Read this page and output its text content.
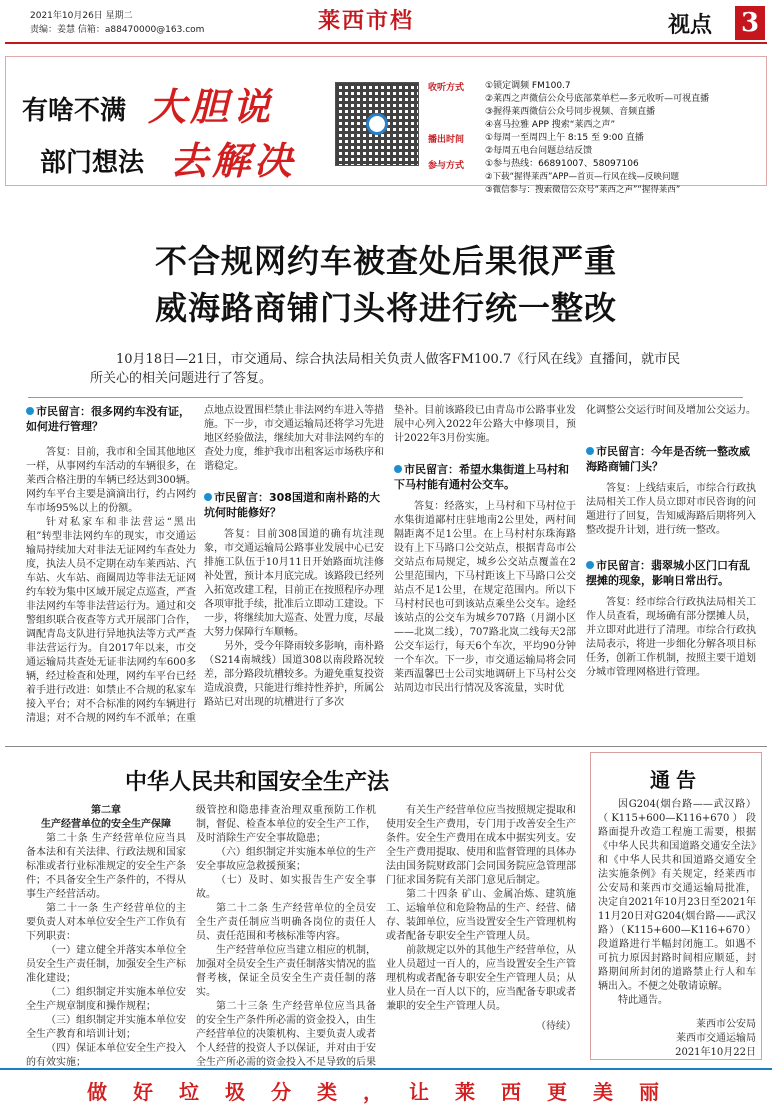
2021年10月26日 星期二
责编：姜慧 信箱：a88470000@163.com	莱西市档	视点 3
有啥不满 大胆说
部门想法 去解决
收听方式 ①锁定调频 FM100.7
②莱西之声微信公众号底部菜单栏—多元收听—可视直播
③握得莱西微信公众号同步视频、音频直播
④喜马拉雅 APP 搜索“莱西之声”
播出时间 ①每周一至周四上午 8:15 至 9:00 直播
②每周五电台问题总结反馈
参与方式 ①参与热线：66891007、58097106
②下载“握得莱西”APP—首页—行风在线—反映问题
③微信参与：搜索微信公众号“莱西之声”“握得莱西”
不合规网约车被查处后果很严重
威海路商铺门头将进行统一整改
10月18日—21日，市交通局、综合执法局相关负责人做客FM100.7《行风在线》直播间，就市民所关心的相关问题进行了答复。
市民留言：很多网约车没有证，如何进行管理？
答复：目前，我市和全国其他地区一样，从事网约车活动的车辆很多，在莱西合格注册的车辆已经达到300辆。网约车平台主要是滴滴出行，约占网约车市场95%以上的份额。
针对私家车和非法营运“黑出租”转型非法网约车的现实，市交通运输局持续加大对非法无证网约车查处力度，执法人员不定期在动车莱西站、汽车站、火车站、商圈周边等非法无证网约车较为集中区域开展定点巡查，严查非法网约车等非法营运行为。通过和交警组织联合夜查等方式开展部门合作，调配青岛支队进行异地执法等方式严查非法营运行为。自2017年以来，市交通运输局共查处无证非法网约车600多辆，经过检查和处理，网约车平台已经着手进行改进：如禁止不合规的私家车接入平台；对不合标准的网约车辆进行清退；对不合规的网约车不派单；在重
点地点设置围栏禁止非法网约车进入等措施。下一步，市交通运输局还将学习先进地区经验做法，继续加大对非法网约车的查处力度，维护我市出租客运市场秩序和谐稳定。
市民留言：308国道和南朴路的大坑何时能修好？
答复：目前308国道的确有坑洼现象，市交通运输局公路事业发展中心已安排施工队伍于10月11日开始路面坑洼修补处置，预计本月底完成。该路段已经列入拓宽改建工程，目前正在按照程序办理各项审批手续，批准后立即动工建设。下一步，将继续加大巡查、处置力度，尽最大努力保障行车顺畅。
另外，受今年降雨较多影响，南朴路（S214南城线）国道308以南段路况较差，部分路段坑槽较多。为避免重复投资造成浪费，只能进行维持性养护，所属公路站已对出现的坑槽进行了多次
垫补。目前该路段已由青岛市公路事业发展中心列入2022年公路大中修项目，预计2022年3月份实施。
市民留言：希望水集街道上马村和下马村能有通村公交车。
答复：经落实，上马村和下马村位于水集街道鄙村庄驻地南2公里处，两村间隔距离不足1公里。在上马村村东珠海路设有上下马路口公交站点，根据青岛市公交站点布局规定，城乡公交站点覆盖在2公里范围内，下马村距该上下马路口公交站点不足1公里，在规定范围内。所以下马村村民也可到该站点乘坐公交车。途经该站点的公交车为城乡707路（月湖小区——北岚二线），707路北岚二线每天2部公交车运行，每天6个车次，平均90分钟一个车次。下一步，市交通运输局将会同莱西温馨巴士公司实地调研上下马村公交站周边市民出行情况及客流量，实时优
化调整公交运行时间及增加公交运力。
市民留言：今年是否统一整改威海路商铺门头？
答复：上线结束后，市综合行政执法局相关工作人员立即对市民咨询的问题进行了回复，告知威海路后期将列入整改提升计划，进行统一整改。
市民留言：翡翠城小区门口有乱摆摊的现象，影响日常出行。
答复：经市综合行政执法局相关工作人员查看，现场确有部分摆摊人员，并立即对此进行了清理。市综合行政执法局表示，将进一步细化分解各项目标任务，创新工作机制，按照主要干道划分城市管理网格进行管理。
中华人民共和国安全生产法
第二章
生产经营单位的安全生产保障
第二十条 生产经营单位应当具备本法和有关法律、行政法规和国家标准或者行业标准规定的安全生产条件；不具备安全生产条件的，不得从事生产经营活动。
第二十一条 生产经营单位的主要负责人对本单位安全生产工作负有下列职责：
（一）建立健全并落实本单位全员安全生产责任制，加强安全生产标准化建设；
（二）组织制定并实施本单位安全生产规章制度和操作规程；
（三）组织制定并实施本单位安全生产教育和培训计划；
（四）保证本单位安全生产投入的有效实施；
级管控和隐患排查治理双重预防工作机制，督促、检查本单位的安全生产工作，及时消除生产安全事故隐患；
（六）组织制定并实施本单位的生产安全事故应急救援预案；
（七）及时、如实报告生产安全事故。
第二十二条 生产经营单位的全员安全生产责任制应当明确各岗位的责任人员、责任范围和考核标准等内容。
生产经营单位应当建立相应的机制，加强对全员安全生产责任制落实情况的监督考核，保证全员安全生产责任制的落实。
第二十三条 生产经营单位应当具备的安全生产条件所必需的资金投入，由生产经营单位的决策机构、主要负责人或者个人经营的投资人予以保证，并对由于安全生产所必需的资金投入不足导致的后果
有关生产经营单位应当按照规定提取和使用安全生产费用，专门用于改善安全生产条件。安全生产费用在成本中据实列支。安全生产费用提取、使用和监督管理的具体办法由国务院财政部门会同国务院应急管理部门征求国务院有关部门意见后制定。
第二十四条 矿山、金属冶炼、建筑施工、运输单位和危险物品的生产、经营、储存、装卸单位，应当设置安全生产管理机构或者配备专职安全生产管理人员。
前款规定以外的其他生产经营单位，从业人员超过一百人的，应当设置安全生产管理机构或者配备专职安全生产管理人员；从业人员在一百人以下的，应当配备专职或者兼职的安全生产管理人员。
（待续）
通告
因G204(烟台路——武汉路）（K115+600—K116+670）段路面提升改造工程施工需要，根据《中华人民共和国道路交通安全法》和《中华人民共和国道路交通安全法实施条例》有关规定，经莱西市公安局和莱西市交通运输局批准，决定自2021年10月23日至2021年11月20日对G204(烟台路——武汉路）（K115+600—K116+670）段道路进行半幅封闭施工。如遇不可抗力原因封路时间相应顺延，封路期间所封闭的道路禁止行人和车辆出入。不便之处敬请谅解。
特此通告。
莱西市公安局
莱西市交通运输局
2021年10月22日
做好垃圾分类，让莱西更美丽
